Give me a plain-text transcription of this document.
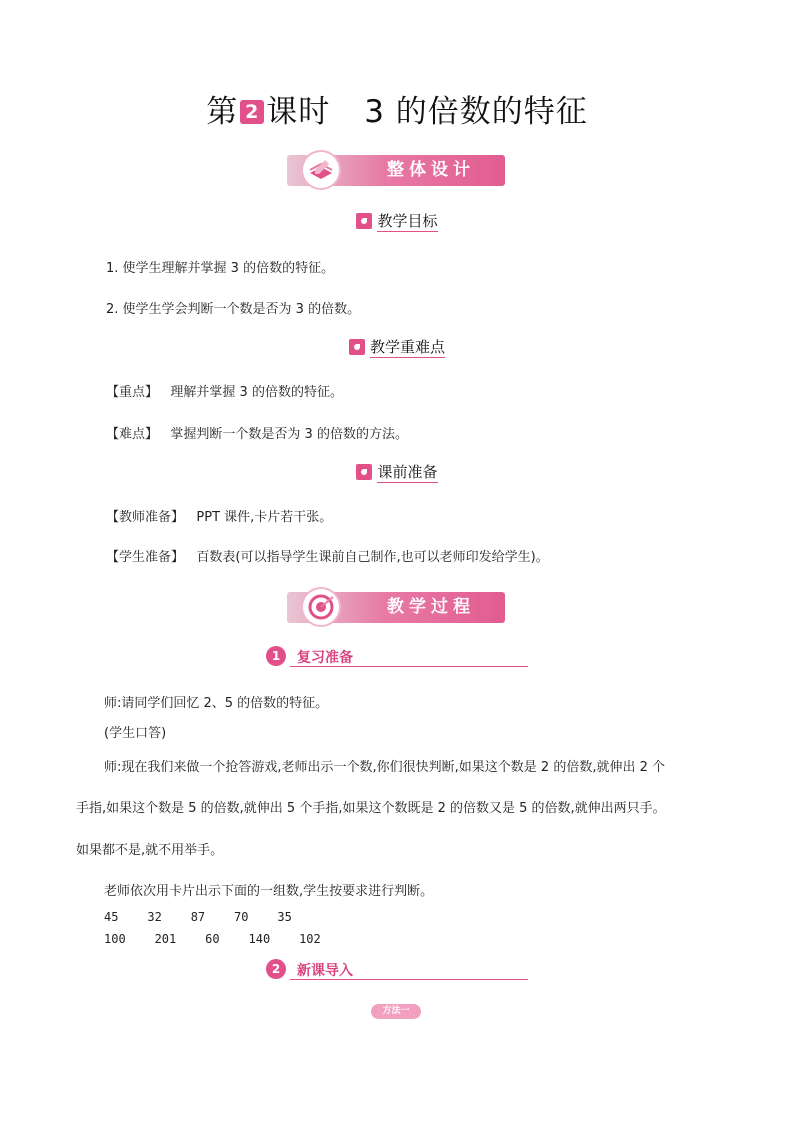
第 2 课时 3 的倍数的特征
整体设计
教学目标
1. 使学生理解并掌握 3 的倍数的特征。
2. 使学生学会判断一个数是否为 3 的倍数。
教学重难点
【重点】 理解并掌握 3 的倍数的特征。
【难点】 掌握判断一个数是否为 3 的倍数的方法。
课前准备
【教师准备】 PPT 课件,卡片若干张。
【学生准备】 百数表(可以指导学生课前自己制作,也可以老师印发给学生)。
教学过程
1	复习准备
师:请同学们回忆 2、5 的倍数的特征。
(学生口答)
师:现在我们来做一个抢答游戏,老师出示一个数,你们很快判断,如果这个数是 2 的倍数,就伸出 2 个
手指,如果这个数是 5 的倍数,就伸出 5 个手指,如果这个数既是 2 的倍数又是 5 的倍数,就伸出两只手。
如果都不是,就不用举手。
老师依次用卡片出示下面的一组数,学生按要求进行判断。
45    32    87    70    35
100    201    60    140    102
2	新课导入
方法一
